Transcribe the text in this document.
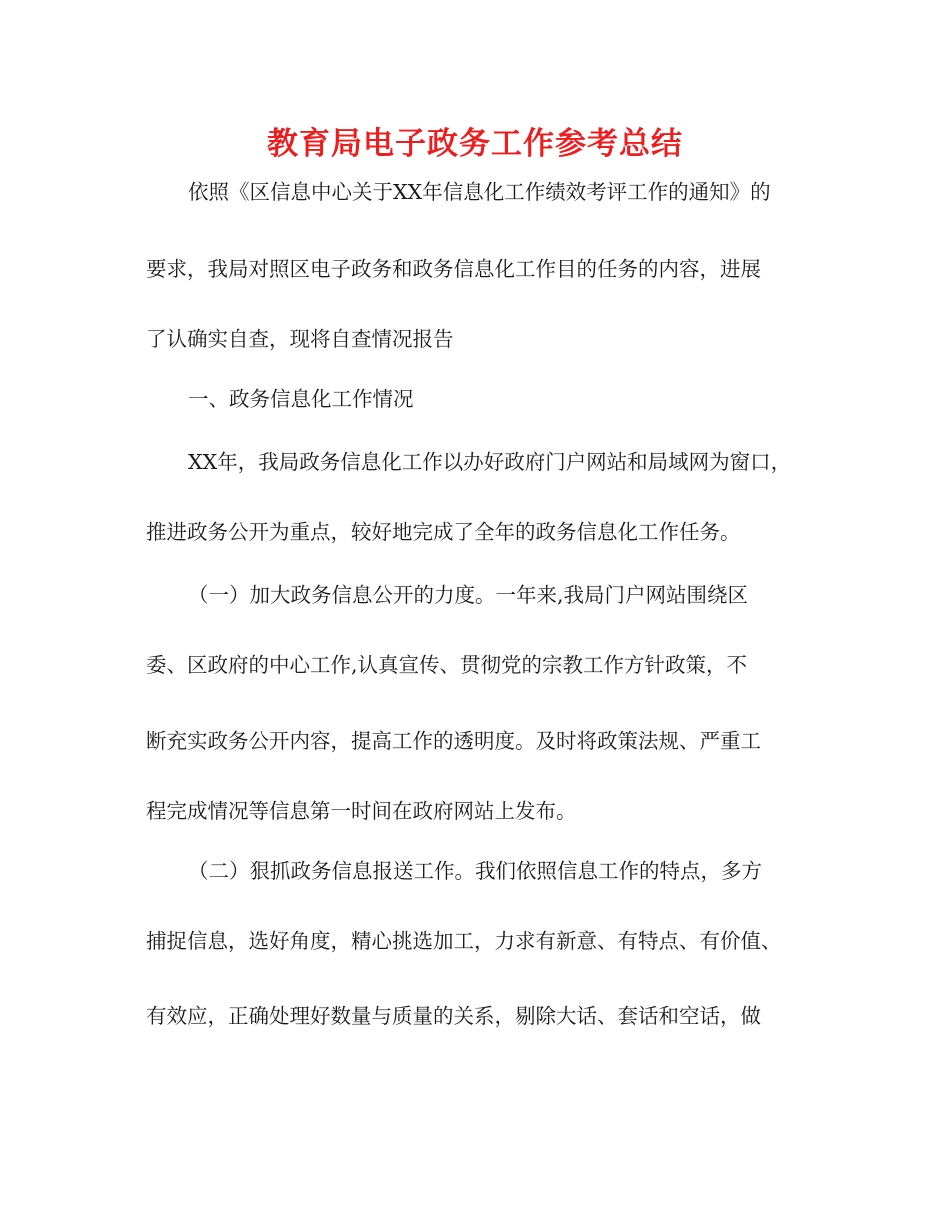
教育局电子政务工作参考总结
依照《区信息中心关于XX年信息化工作绩效考评工作的通知》的
要求，我局对照区电子政务和政务信息化工作目的任务的内容，进展
了认确实自查，现将自查情况报告
一、政务信息化工作情况
XX年，我局政务信息化工作以办好政府门户网站和局域网为窗口，
推进政务公开为重点，较好地完成了全年的政务信息化工作任务。
（一）加大政务信息公开的力度。一年来,我局门户网站围绕区
委、区政府的中心工作,认真宣传、贯彻党的宗教工作方针政策，不
断充实政务公开内容，提高工作的透明度。及时将政策法规、严重工
程完成情况等信息第一时间在政府网站上发布。
（二）狠抓政务信息报送工作。我们依照信息工作的特点，多方
捕捉信息，选好角度，精心挑选加工，力求有新意、有特点、有价值、
有效应，正确处理好数量与质量的关系，剔除大话、套话和空话，做
